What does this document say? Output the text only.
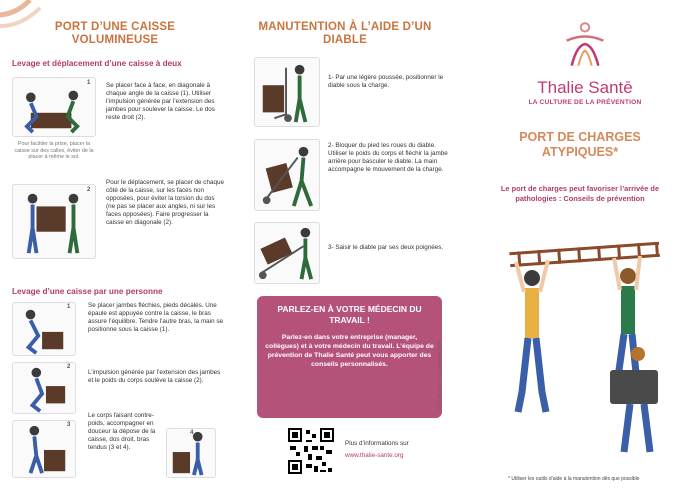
PORT D’UNE CAISSE VOLUMINEUSE
Levage et déplacement d’une caisse à deux
1
Pour faciliter la prise, placer la caisse sur des calles, éviter de la placer à même le sol.
Se placer face à face, en diagonale à chaque angle de la caisse (1). Utiliser l’impulsion générée par l’extension des jambes pour soulever la caisse. Le dos reste droit (2).
2
Pour le déplacement, se placer de chaque côté de la caisse, sur les faces non opposées, pour éviter la torsion du dos (ne pas se placer aux angles, ni sur les faces opposées). Faire progresser la caisse en diagonale (2).
Levage d’une caisse par une personne
1
2
3
4
Se placer jambes fléchies, pieds décalés. Une épaule est appuyée contre la caisse, le bras assure l’équilibre. Tendre l’autre bras, la main se positionne sous la caisse (1).
L’impulsion générée par l’extension des jambes et le poids du corps soulève la caisse (2).
Le corps faisant contre-poids, accompagner en douceur la dépose de la caisse, dos droit, bras tendus (3 et 4).
MANUTENTION À L’AIDE D’UN DIABLE
1- Par une légère poussée, positionner le diable sous la charge.
2- Bloquer du pied les roues du diable. Utiliser le poids du corps et fléchir la jambe arrière pour basculer le diable. La main accompagne le mouvement de la charge.
3- Saisir le diable par ses deux poignées.
PARLEZ-EN À VOTRE MÉDECIN DU TRAVAIL !
Parlez-en dans votre entreprise (manager, collègues) et à votre médecin du travail. L’équipe de prévention de Thalie Santé peut vous apporter des conseils personnalisés.
Plus d’informations sur
www.thalie-sante.org
©Thalie Santé – Novembre 2022
Thalie Santē
LA CULTURE DE LA PRÉVENTION
PORT DE CHARGES ATYPIQUES*
Le port de charges peut favoriser l’arrivée de pathologies : Conseils de prévention
* Utiliser les outils d’aide à la manutention dès que possible
